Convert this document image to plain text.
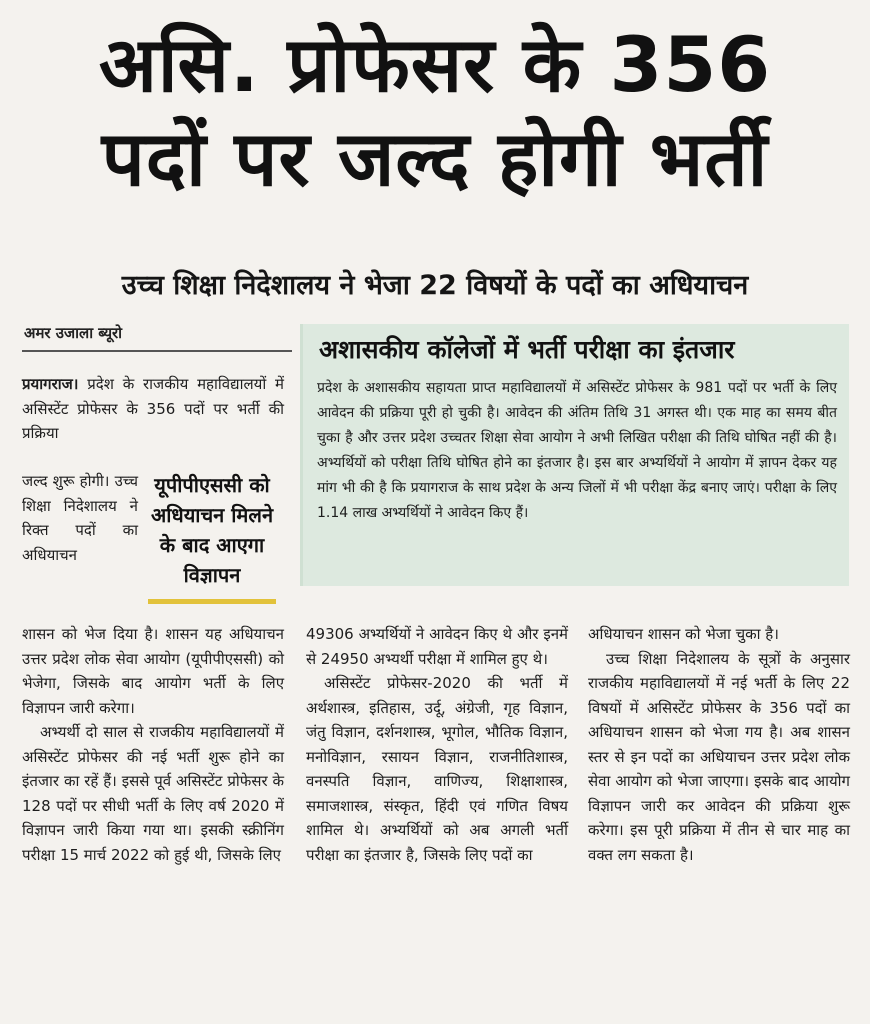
असि. प्रोफेसर के 356
पदों पर जल्द होगी भर्ती
उच्च शिक्षा निदेशालय ने भेजा 22 विषयों के पदों का अधियाचन
अमर उजाला ब्यूरो

प्रयागराज। प्रदेश के राजकीय महाविद्यालयों में असिस्टेंट प्रोफेसर के 356 पदों पर भर्ती की प्रक्रिया

जल्द शुरू होगी। उच्च शिक्षा निदेशालय ने रिक्त पदों का अधियाचन
यूपीपीएससी को अधियाचन मिलने के बाद आएगा विज्ञापन

शासन को भेज दिया है। शासन यह अधियाचन उत्तर प्रदेश लोक सेवा आयोग (यूपीपीएससी) को भेजेगा, जिसके बाद आयोग भर्ती के लिए विज्ञापन जारी करेगा।

अभ्यर्थी दो साल से राजकीय महाविद्यालयों में असिस्टेंट प्रोफेसर की नई भर्ती शुरू होने का इंतजार का रहें हैं। इससे पूर्व असिस्टेंट प्रोफेसर के 128 पदों पर सीधी भर्ती के लिए वर्ष 2020 में विज्ञापन जारी किया गया था। इसकी स्क्रीनिंग परीक्षा 15 मार्च 2022 को हुई थी, जिसके लिए

अशासकीय कॉलेजों में भर्ती परीक्षा का इंतजार
प्रदेश के अशासकीय सहायता प्राप्त महाविद्यालयों में असिस्टेंट प्रोफेसर के 981 पदों पर भर्ती के लिए आवेदन की प्रक्रिया पूरी हो चुकी है। आवेदन की अंतिम तिथि 31 अगस्त थी। एक माह का समय बीत चुका है और उत्तर प्रदेश उच्चतर शिक्षा सेवा आयोग ने अभी लिखित परीक्षा की तिथि घोषित नहीं की है। अभ्यर्थियों को परीक्षा तिथि घोषित होने का इंतजार है। इस बार अभ्यर्थियों ने आयोग में ज्ञापन देकर यह मांग भी की है कि प्रयागराज के साथ प्रदेश के अन्य जिलों में भी परीक्षा केंद्र बनाए जाएं। परीक्षा के लिए 1.14 लाख अभ्यर्थियों ने आवेदन किए हैं।

49306 अभ्यर्थियों ने आवेदन किए थे और इनमें से 24950 अभ्यर्थी परीक्षा में शामिल हुए थे।

असिस्टेंट प्रोफेसर-2020 की भर्ती में अर्थशास्त्र, इतिहास, उर्दू, अंग्रेजी, गृह विज्ञान, जंतु विज्ञान, दर्शनशास्त्र, भूगोल, भौतिक विज्ञान, मनोविज्ञान, रसायन विज्ञान, राजनीतिशास्त्र, वनस्पति विज्ञान, वाणिज्य, शिक्षाशास्त्र, समाजशास्त्र, संस्कृत, हिंदी एवं गणित विषय शामिल थे। अभ्यर्थियों को अब अगली भर्ती परीक्षा का इंतजार है, जिसके लिए पदों का

अधियाचन शासन को भेजा चुका है।

उच्च शिक्षा निदेशालय के सूत्रों के अनुसार राजकीय महाविद्यालयों में नई भर्ती के लिए 22 विषयों में असिस्टेंट प्रोफेसर के 356 पदों का अधियाचन शासन को भेजा गय है। अब शासन स्तर से इन पदों का अधियाचन उत्तर प्रदेश लोक सेवा आयोग को भेजा जाएगा। इसके बाद आयोग विज्ञापन जारी कर आवेदन की प्रक्रिया शुरू करेगा। इस पूरी प्रक्रिया में तीन से चार माह का वक्त लग सकता है।
